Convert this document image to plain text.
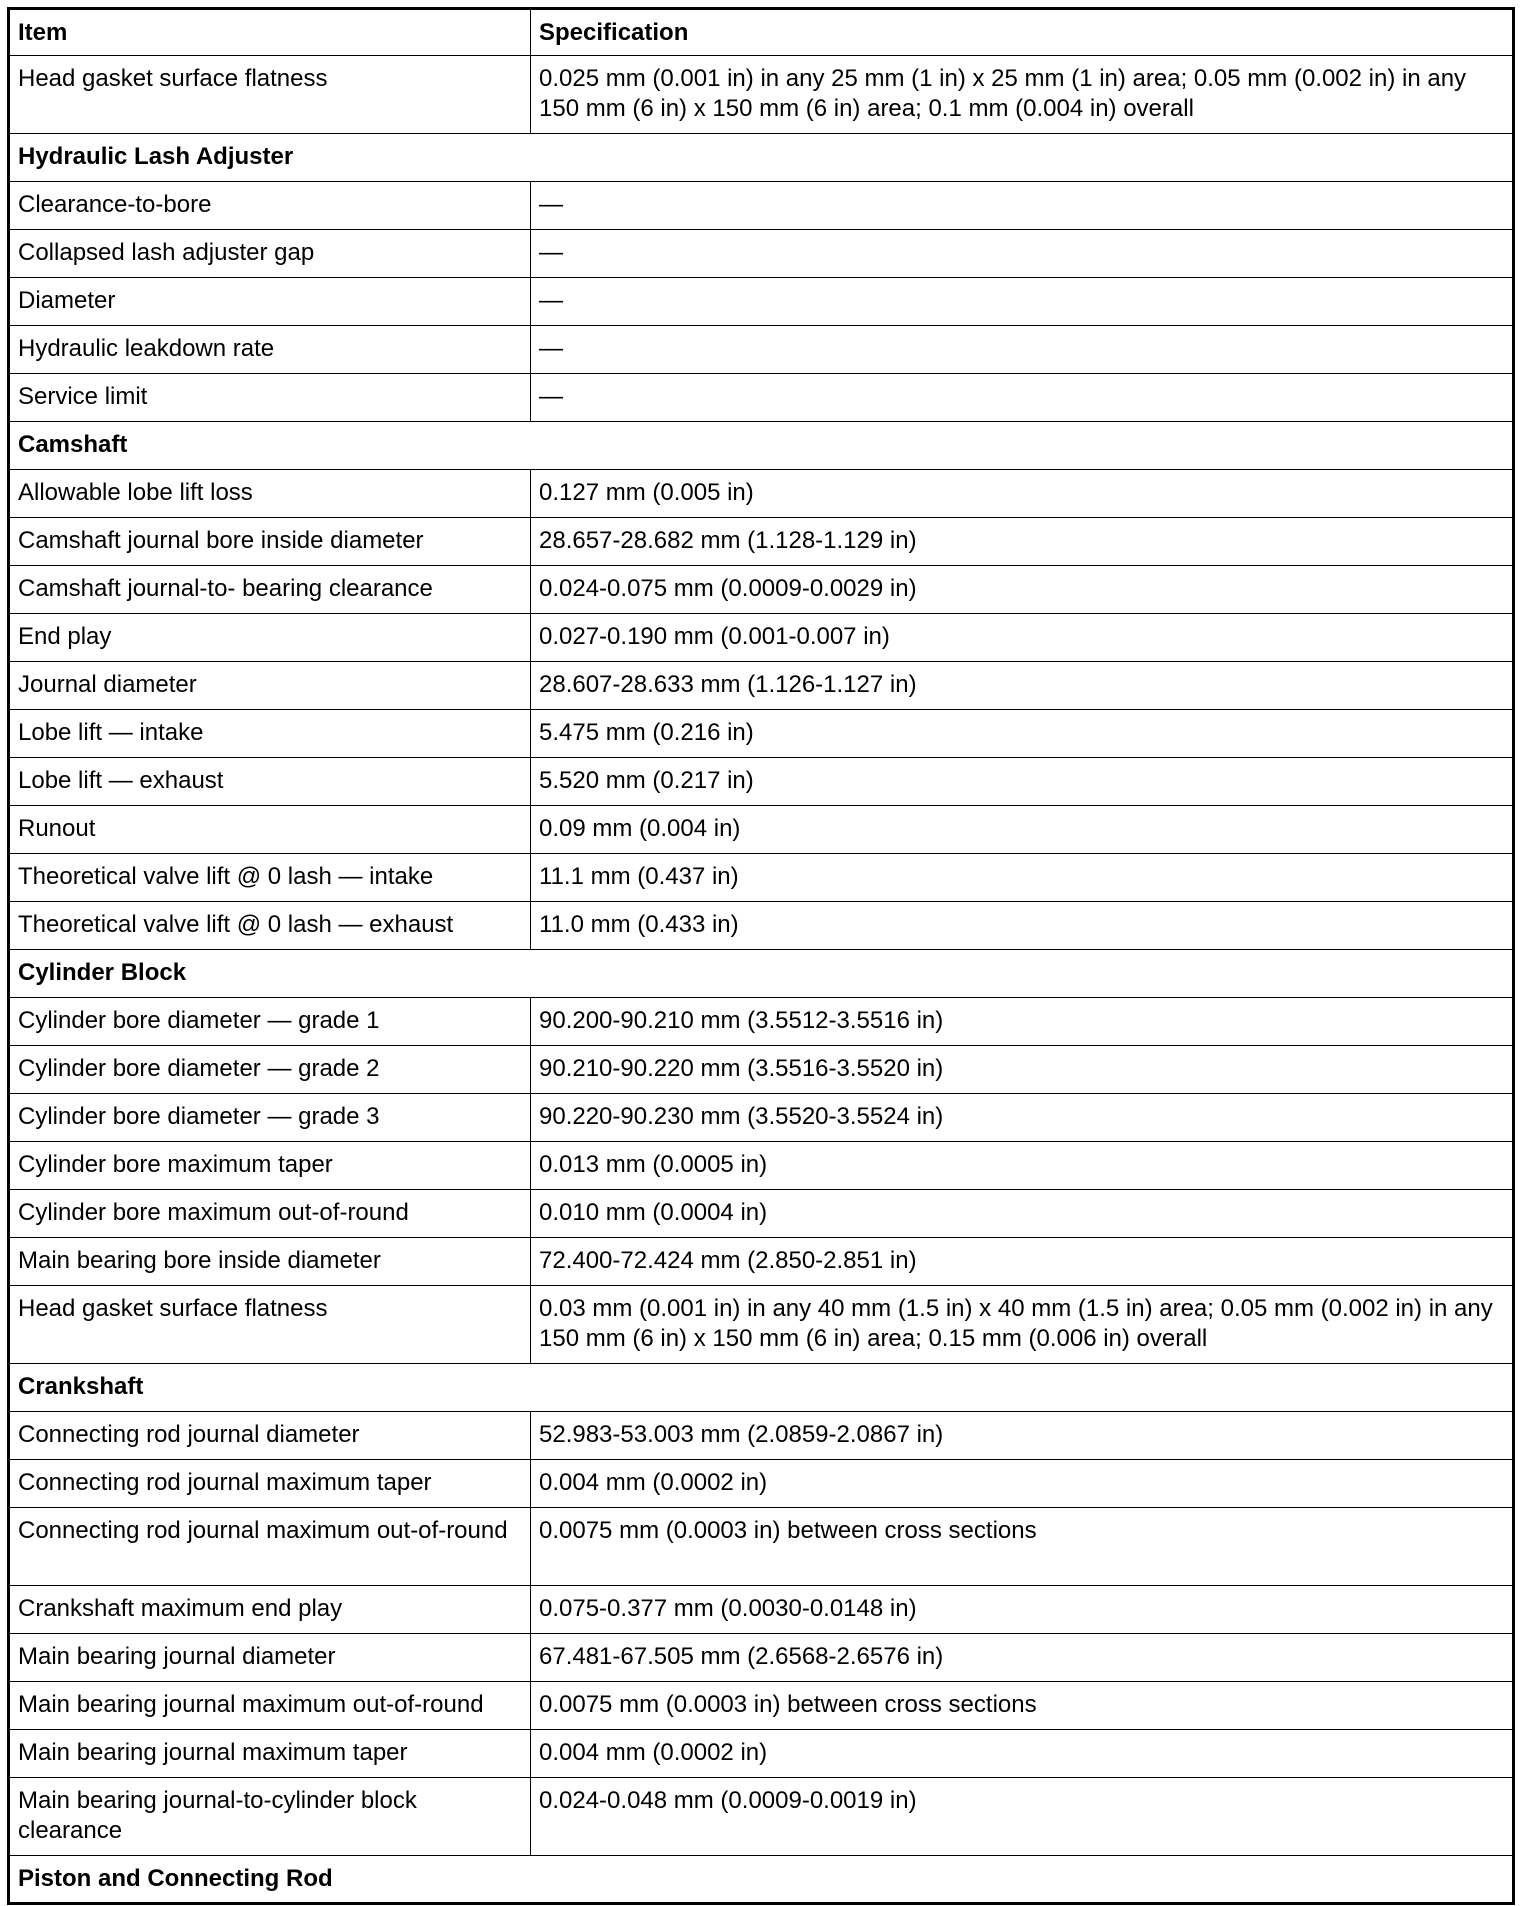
Item	Specification
Head gasket surface flatness	0.025 mm (0.001 in) in any 25 mm (1 in) x 25 mm (1 in) area; 0.05 mm (0.002 in) in any 150 mm (6 in) x 150 mm (6 in) area; 0.1 mm (0.004 in) overall
Hydraulic Lash Adjuster	
Clearance-to-bore	—
Collapsed lash adjuster gap	—
Diameter	—
Hydraulic leakdown rate	—
Service limit	—
Camshaft	
Allowable lobe lift loss	0.127 mm (0.005 in)
Camshaft journal bore inside diameter	28.657-28.682 mm (1.128-1.129 in)
Camshaft journal-to- bearing clearance	0.024-0.075 mm (0.0009-0.0029 in)
End play	0.027-0.190 mm (0.001-0.007 in)
Journal diameter	28.607-28.633 mm (1.126-1.127 in)
Lobe lift — intake	5.475 mm (0.216 in)
Lobe lift — exhaust	5.520 mm (0.217 in)
Runout	0.09 mm (0.004 in)
Theoretical valve lift @ 0 lash — intake	11.1 mm (0.437 in)
Theoretical valve lift @ 0 lash — exhaust	11.0 mm (0.433 in)
Cylinder Block	
Cylinder bore diameter — grade 1	90.200-90.210 mm (3.5512-3.5516 in)
Cylinder bore diameter — grade 2	90.210-90.220 mm (3.5516-3.5520 in)
Cylinder bore diameter — grade 3	90.220-90.230 mm (3.5520-3.5524 in)
Cylinder bore maximum taper	0.013 mm (0.0005 in)
Cylinder bore maximum out-of-round	0.010 mm (0.0004 in)
Main bearing bore inside diameter	72.400-72.424 mm (2.850-2.851 in)
Head gasket surface flatness	0.03 mm (0.001 in) in any 40 mm (1.5 in) x 40 mm (1.5 in) area; 0.05 mm (0.002 in) in any 150 mm (6 in) x 150 mm (6 in) area; 0.15 mm (0.006 in) overall
Crankshaft	
Connecting rod journal diameter	52.983-53.003 mm (2.0859-2.0867 in)
Connecting rod journal maximum taper	0.004 mm (0.0002 in)
Connecting rod journal maximum out-of-round	0.0075 mm (0.0003 in) between cross sections
Crankshaft maximum end play	0.075-0.377 mm (0.0030-0.0148 in)
Main bearing journal diameter	67.481-67.505 mm (2.6568-2.6576 in)
Main bearing journal maximum out-of-round	0.0075 mm (0.0003 in) between cross sections
Main bearing journal maximum taper	0.004 mm (0.0002 in)
Main bearing journal-to-cylinder block clearance	0.024-0.048 mm (0.0009-0.0019 in)
Piston and Connecting Rod	
